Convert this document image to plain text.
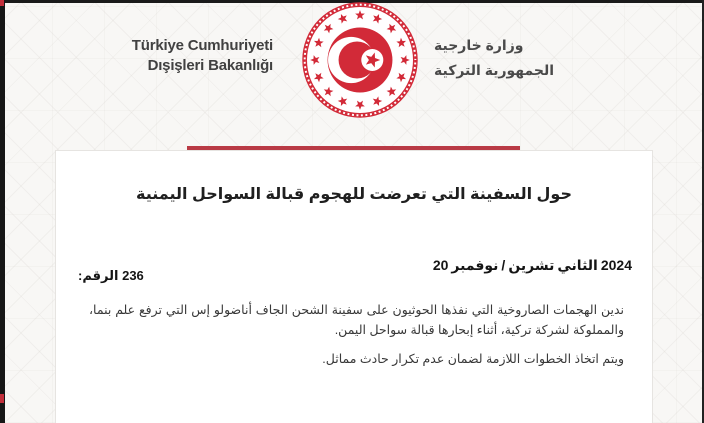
Türkiye Cumhuriyeti
Dışişleri Bakanlığı
وزارة خارجية
الجمهورية التركية
حول السفينة التي تعرضت للهجوم قبالة السواحل اليمنية
20 نوفمبر / تشرين الثاني 2024
الرقم: 236

ندين الهجمات الصاروخية التي نفذها الحوثيون على سفينة الشحن الجاف أناضولو إس التي ترفع علم بنما، والمملوكة لشركة تركية، أثناء إبحارها قبالة سواحل اليمن.

ويتم اتخاذ الخطوات اللازمة لضمان عدم تكرار حادث مماثل.
